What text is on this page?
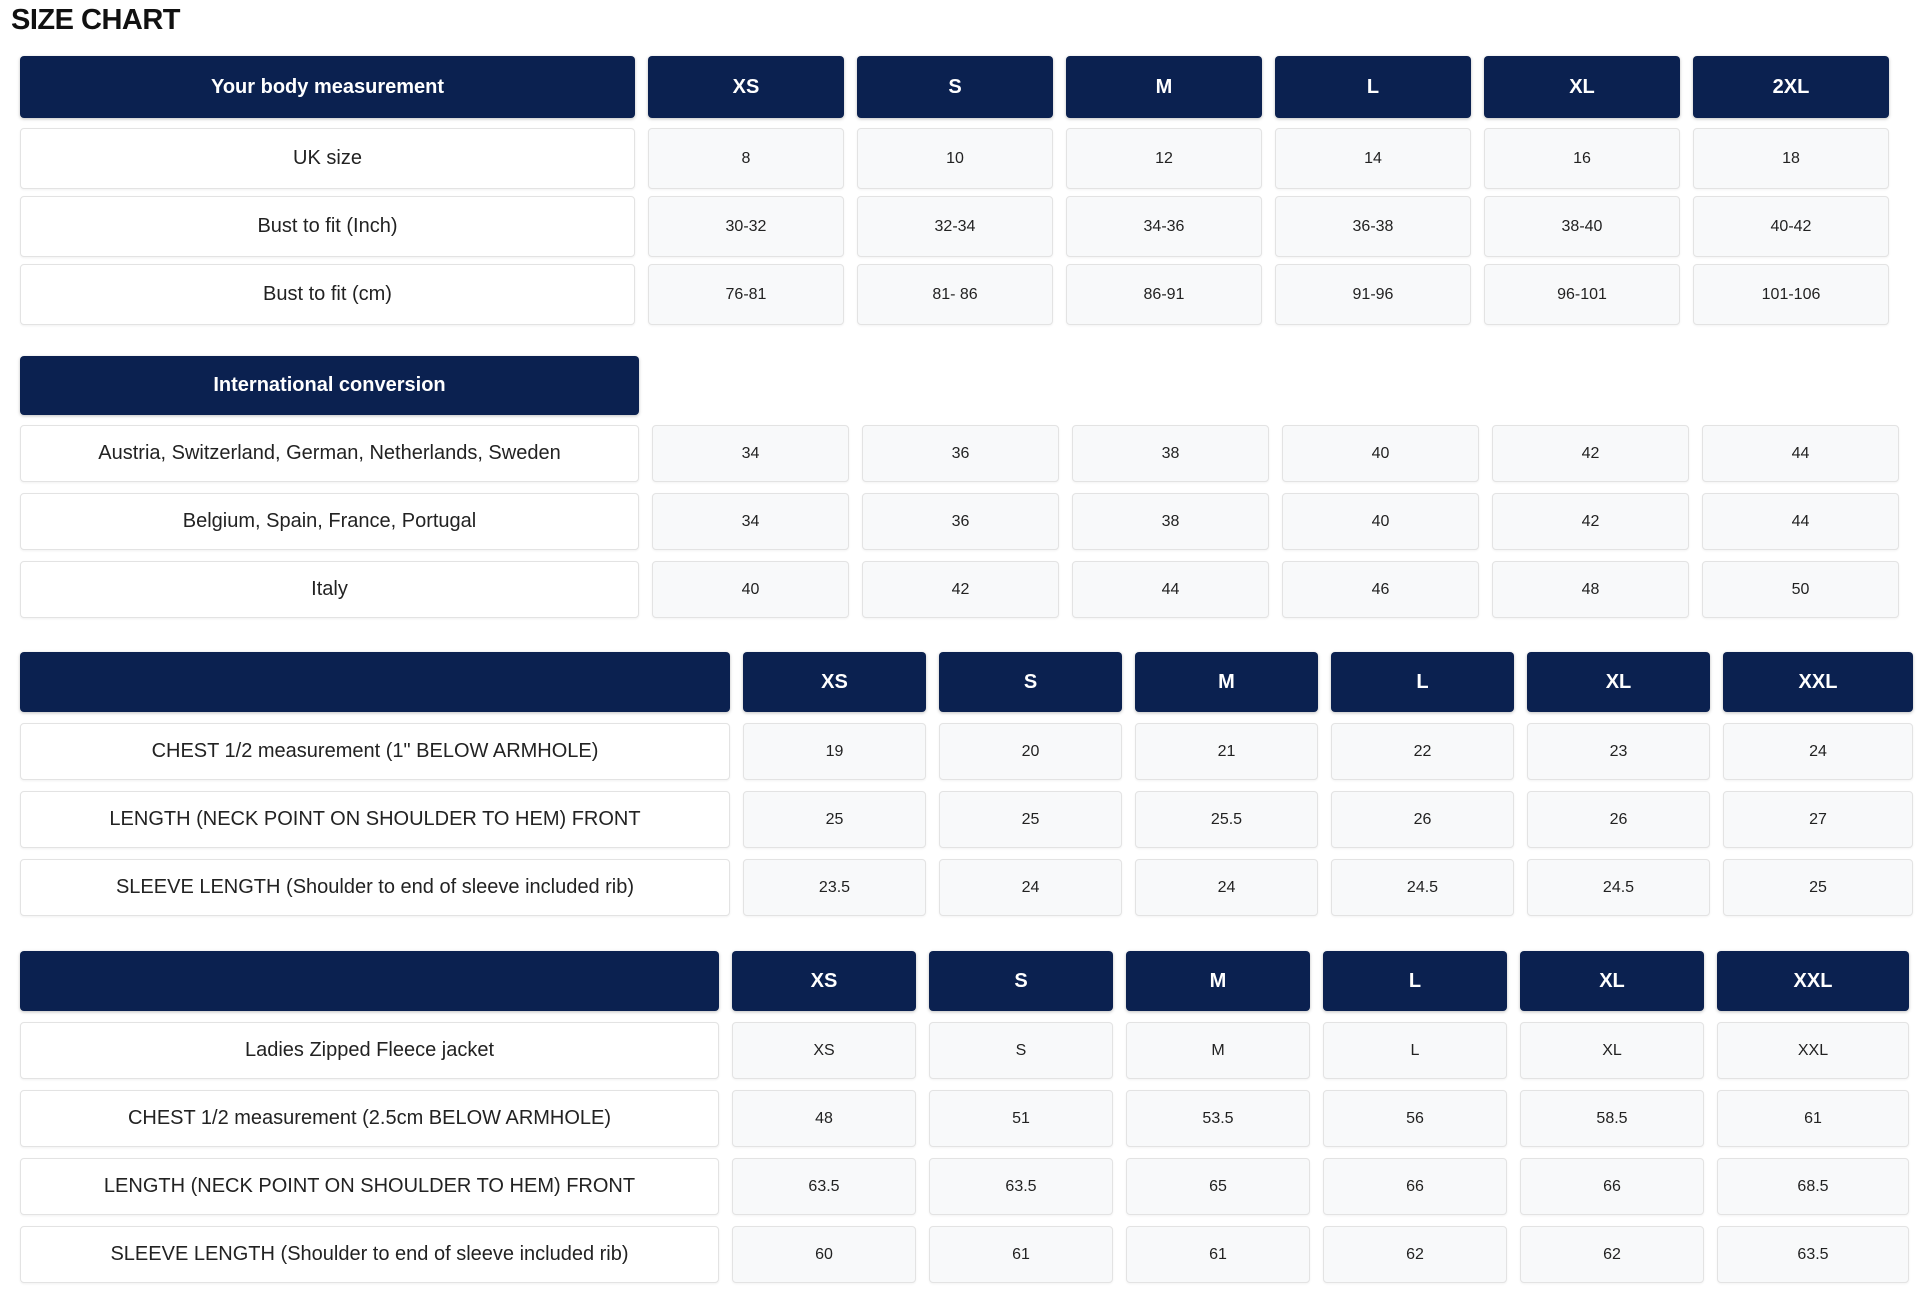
SIZE CHART
Your body measurement	XS	S	M	L	XL	2XL
UK size	8	10	12	14	16	18
Bust to fit (Inch)	30-32	32-34	34-36	36-38	38-40	40-42
Bust to fit (cm)	76-81	81- 86	86-91	91-96	96-101	101-106
International conversion
Austria, Switzerland, German, Netherlands, Sweden	34	36	38	40	42	44
Belgium, Spain, France, Portugal	34	36	38	40	42	44
Italy	40	42	44	46	48	50
XS	S	M	L	XL	XXL
CHEST 1/2 measurement (1" BELOW ARMHOLE)	19	20	21	22	23	24
LENGTH (NECK POINT ON SHOULDER TO HEM) FRONT	25	25	25.5	26	26	27
SLEEVE LENGTH (Shoulder to end of sleeve included rib)	23.5	24	24	24.5	24.5	25
XS	S	M	L	XL	XXL
Ladies Zipped Fleece jacket	XS	S	M	L	XL	XXL
CHEST 1/2 measurement (2.5cm BELOW ARMHOLE)	48	51	53.5	56	58.5	61
LENGTH (NECK POINT ON SHOULDER TO HEM) FRONT	63.5	63.5	65	66	66	68.5
SLEEVE LENGTH (Shoulder to end of sleeve included rib)	60	61	61	62	62	63.5
